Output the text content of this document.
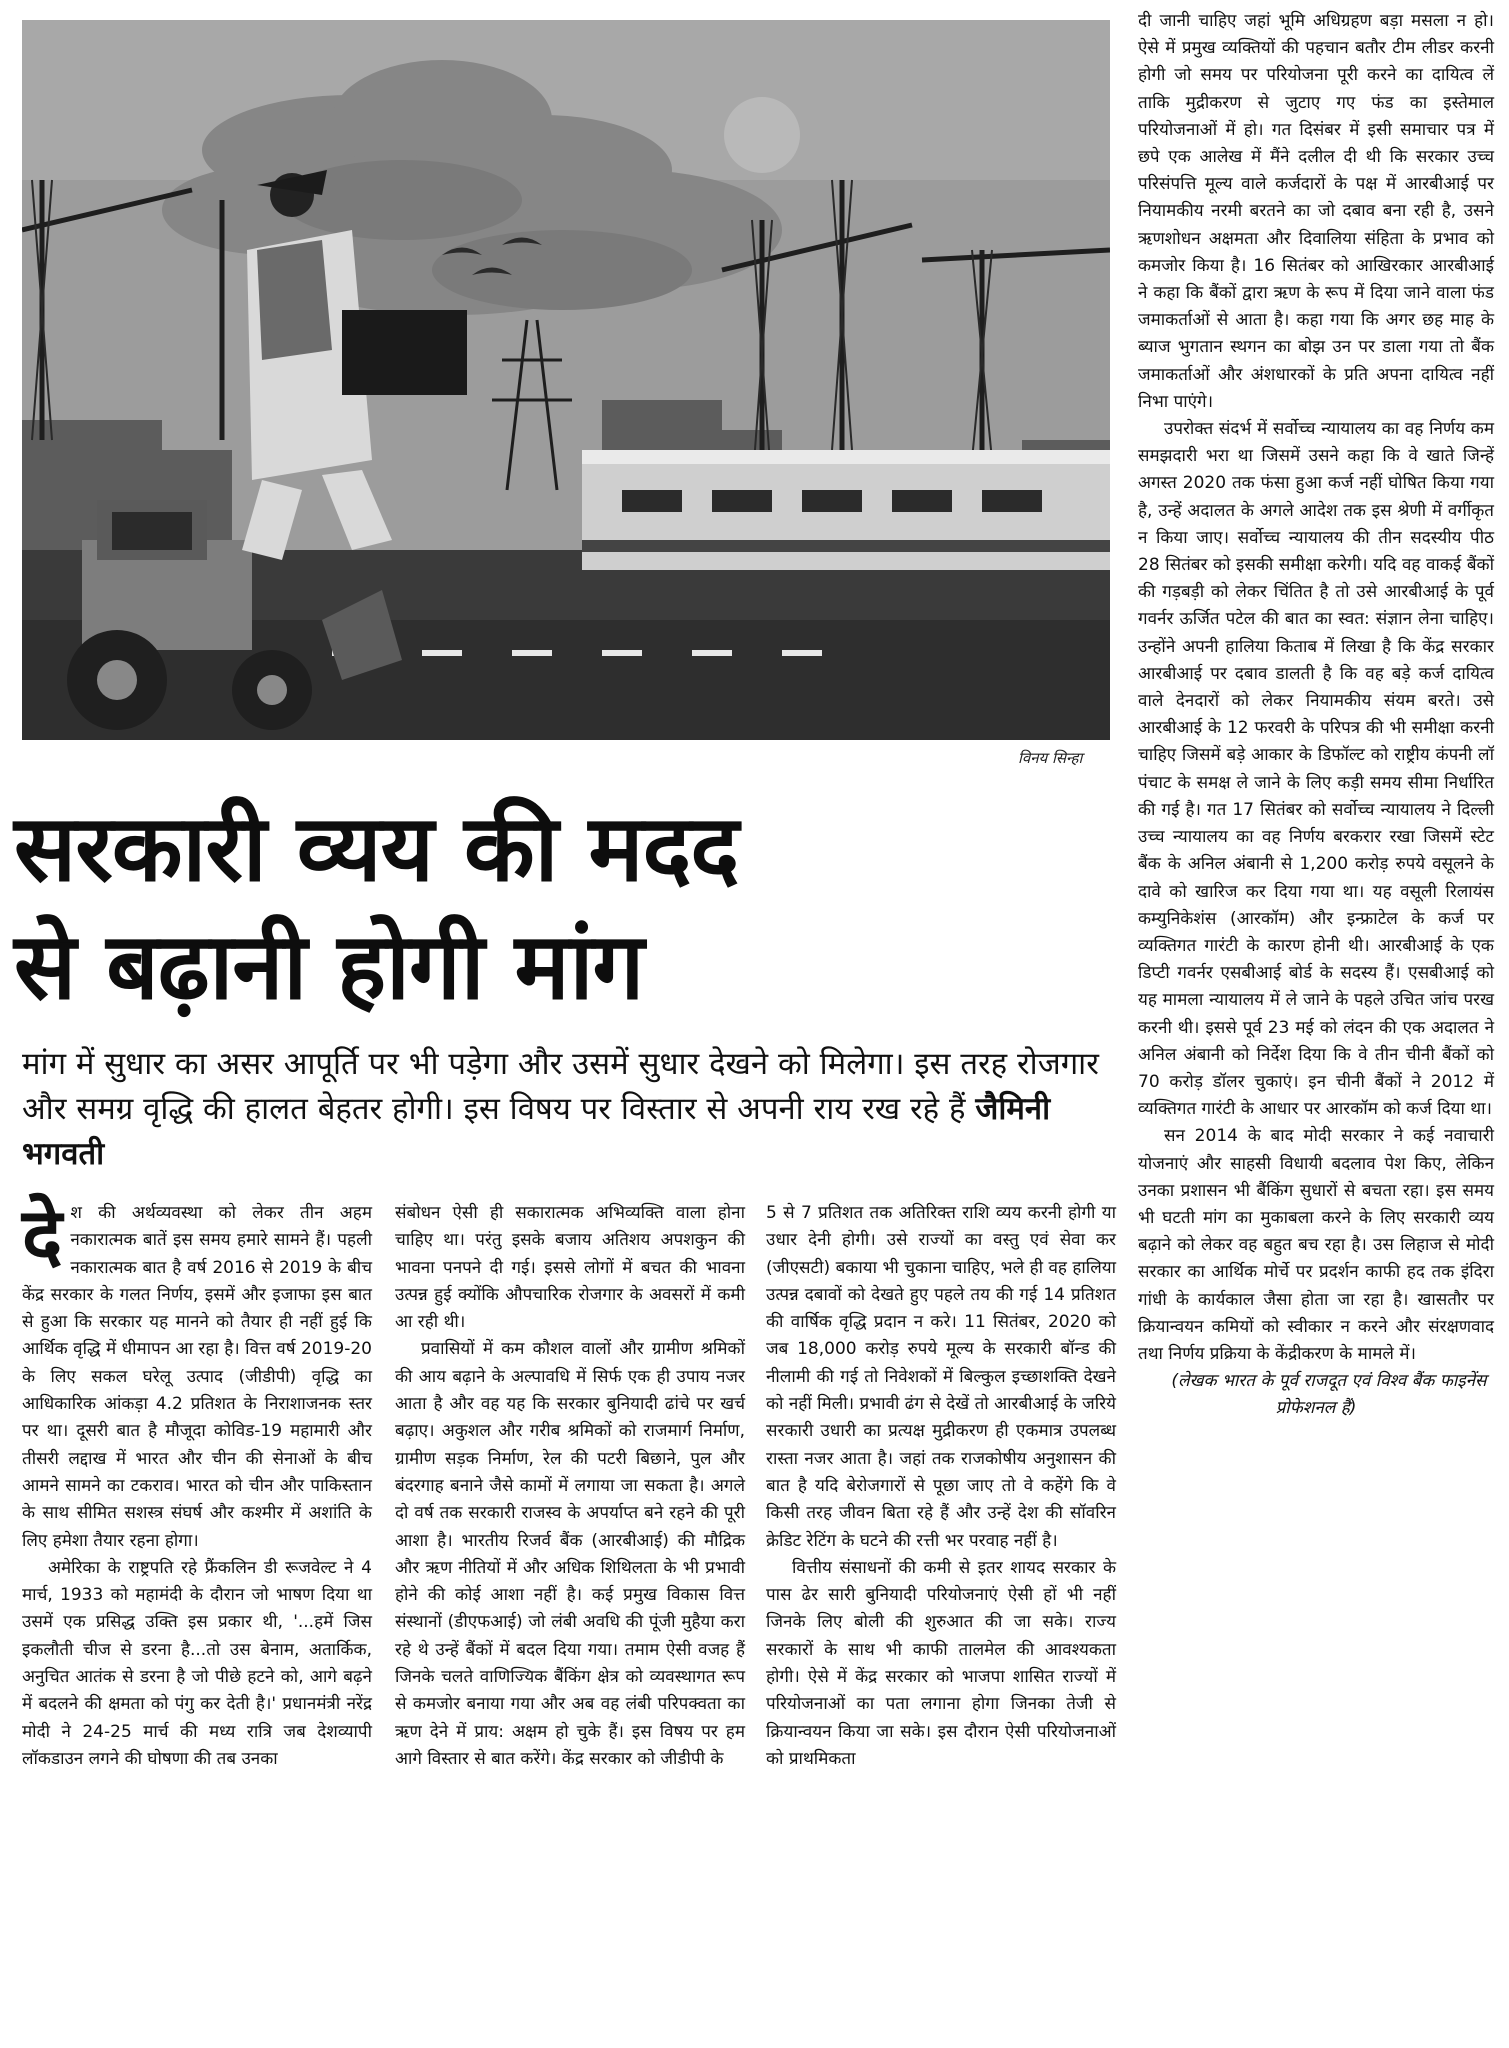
विनय सिन्हा
सरकारी व्यय की मदद
से बढ़ानी होगी मांग
मांग में सुधार का असर आपूर्ति पर भी पड़ेगा और उसमें सुधार देखने को मिलेगा। इस तरह रोजगार और समग्र वृद्धि की हालत बेहतर होगी। इस विषय पर विस्तार से अपनी राय रख रहे हैं जैमिनी भगवती

देश की अर्थव्यवस्था को लेकर तीन अहम नकारात्मक बातें इस समय हमारे सामने हैं। पहली नकारात्मक बात है वर्ष 2016 से 2019 के बीच केंद्र सरकार के गलत निर्णय, इसमें और इजाफा इस बात से हुआ कि सरकार यह मानने को तैयार ही नहीं हुई कि आर्थिक वृद्धि में धीमापन आ रहा है। वित्त वर्ष 2019-20 के लिए सकल घरेलू उत्पाद (जीडीपी) वृद्धि का आधिकारिक आंकड़ा 4.2 प्रतिशत के निराशाजनक स्तर पर था। दूसरी बात है मौजूदा कोविड-19 महामारी और तीसरी लद्दाख में भारत और चीन की सेनाओं के बीच आमने सामने का टकराव। भारत को चीन और पाकिस्तान के साथ सीमित सशस्त्र संघर्ष और कश्मीर में अशांति के लिए हमेशा तैयार रहना होगा।

अमेरिका के राष्ट्रपति रहे फ्रैंकलिन डी रूजवेल्ट ने 4 मार्च, 1933 को महामंदी के दौरान जो भाषण दिया था उसमें एक प्रसिद्ध उक्ति इस प्रकार थी, '...हमें जिस इकलौती चीज से डरना है...तो उस बेनाम, अतार्किक, अनुचित आतंक से डरना है जो पीछे हटने को, आगे बढ़ने में बदलने की क्षमता को पंगु कर देती है।' प्रधानमंत्री नरेंद्र मोदी ने 24-25 मार्च की मध्य रात्रि जब देशव्यापी लॉकडाउन लगने की घोषणा की तब उनका

संबोधन ऐसी ही सकारात्मक अभिव्यक्ति वाला होना चाहिए था। परंतु इसके बजाय अतिशय अपशकुन की भावना पनपने दी गई। इससे लोगों में बचत की भावना उत्पन्न हुई क्योंकि औपचारिक रोजगार के अवसरों में कमी आ रही थी।

प्रवासियों में कम कौशल वालों और ग्रामीण श्रमिकों की आय बढ़ाने के अल्पावधि में सिर्फ एक ही उपाय नजर आता है और वह यह कि सरकार बुनियादी ढांचे पर खर्च बढ़ाए। अकुशल और गरीब श्रमिकों को राजमार्ग निर्माण, ग्रामीण सड़क निर्माण, रेल की पटरी बिछाने, पुल और बंदरगाह बनाने जैसे कामों में लगाया जा सकता है। अगले दो वर्ष तक सरकारी राजस्व के अपर्याप्त बने रहने की पूरी आशा है। भारतीय रिजर्व बैंक (आरबीआई) की मौद्रिक और ऋण नीतियों में और अधिक शिथिलता के भी प्रभावी होने की कोई आशा नहीं है। कई प्रमुख विकास वित्त संस्थानों (डीएफआई) जो लंबी अवधि की पूंजी मुहैया करा रहे थे उन्हें बैंकों में बदल दिया गया। तमाम ऐसी वजह हैं जिनके चलते वाणिज्यिक बैंकिंग क्षेत्र को व्यवस्थागत रूप से कमजोर बनाया गया और अब वह लंबी परिपक्वता का ऋण देने में प्राय: अक्षम हो चुके हैं। इस विषय पर हम आगे विस्तार से बात करेंगे। केंद्र सरकार को जीडीपी के

5 से 7 प्रतिशत तक अतिरिक्त राशि व्यय करनी होगी या उधार देनी होगी। उसे राज्यों का वस्तु एवं सेवा कर (जीएसटी) बकाया भी चुकाना चाहिए, भले ही वह हालिया उत्पन्न दबावों को देखते हुए पहले तय की गई 14 प्रतिशत की वार्षिक वृद्धि प्रदान न करे। 11 सितंबर, 2020 को जब 18,000 करोड़ रुपये मूल्य के सरकारी बॉन्ड की नीलामी की गई तो निवेशकों में बिल्कुल इच्छाशक्ति देखने को नहीं मिली। प्रभावी ढंग से देखें तो आरबीआई के जरिये सरकारी उधारी का प्रत्यक्ष मुद्रीकरण ही एकमात्र उपलब्ध रास्ता नजर आता है। जहां तक राजकोषीय अनुशासन की बात है यदि बेरोजगारों से पूछा जाए तो वे कहेंगे कि वे किसी तरह जीवन बिता रहे हैं और उन्हें देश की सॉवरिन क्रेडिट रेटिंग के घटने की रत्ती भर परवाह नहीं है।

वित्तीय संसाधनों की कमी से इतर शायद सरकार के पास ढेर सारी बुनियादी परियोजनाएं ऐसी हों भी नहीं जिनके लिए बोली की शुरुआत की जा सके। राज्य सरकारों के साथ भी काफी तालमेल की आवश्यकता होगी। ऐसे में केंद्र सरकार को भाजपा शासित राज्यों में परियोजनाओं का पता लगाना होगा जिनका तेजी से क्रियान्वयन किया जा सके। इस दौरान ऐसी परियोजनाओं को प्राथमिकता

दी जानी चाहिए जहां भूमि अधिग्रहण बड़ा मसला न हो। ऐसे में प्रमुख व्यक्तियों की पहचान बतौर टीम लीडर करनी होगी जो समय पर परियोजना पूरी करने का दायित्व लें ताकि मुद्रीकरण से जुटाए गए फंड का इस्तेमाल परियोजनाओं में हो। गत दिसंबर में इसी समाचार पत्र में छपे एक आलेख में मैंने दलील दी थी कि सरकार उच्च परिसंपत्ति मूल्य वाले कर्जदारों के पक्ष में आरबीआई पर नियामकीय नरमी बरतने का जो दबाव बना रही है, उसने ऋणशोधन अक्षमता और दिवालिया संहिता के प्रभाव को कमजोर किया है। 16 सितंबर को आखिरकार आरबीआई ने कहा कि बैंकों द्वारा ऋण के रूप में दिया जाने वाला फंड जमाकर्ताओं से आता है। कहा गया कि अगर छह माह के ब्याज भुगतान स्थगन का बोझ उन पर डाला गया तो बैंक जमाकर्ताओं और अंशधारकों के प्रति अपना दायित्व नहीं निभा पाएंगे।

उपरोक्त संदर्भ में सर्वोच्च न्यायालय का वह निर्णय कम समझदारी भरा था जिसमें उसने कहा कि वे खाते जिन्हें अगस्त 2020 तक फंसा हुआ कर्ज नहीं घोषित किया गया है, उन्हें अदालत के अगले आदेश तक इस श्रेणी में वर्गीकृत न किया जाए। सर्वोच्च न्यायालय की तीन सदस्यीय पीठ 28 सितंबर को इसकी समीक्षा करेगी। यदि वह वाकई बैंकों की गड़बड़ी को लेकर चिंतित है तो उसे आरबीआई के पूर्व गवर्नर ऊर्जित पटेल की बात का स्वत: संज्ञान लेना चाहिए। उन्होंने अपनी हालिया किताब में लिखा है कि केंद्र सरकार आरबीआई पर दबाव डालती है कि वह बड़े कर्ज दायित्व वाले देनदारों को लेकर नियामकीय संयम बरते। उसे आरबीआई के 12 फरवरी के परिपत्र की भी समीक्षा करनी चाहिए जिसमें बड़े आकार के डिफॉल्ट को राष्ट्रीय कंपनी लॉ पंचाट के समक्ष ले जाने के लिए कड़ी समय सीमा निर्धारित की गई है। गत 17 सितंबर को सर्वोच्च न्यायालय ने दिल्ली उच्च न्यायालय का वह निर्णय बरकरार रखा जिसमें स्टेट बैंक के अनिल अंबानी से 1,200 करोड़ रुपये वसूलने के दावे को खारिज कर दिया गया था। यह वसूली रिलायंस कम्युनिकेशंस (आरकॉम) और इन्फ्राटेल के कर्ज पर व्यक्तिगत गारंटी के कारण होनी थी। आरबीआई के एक डिप्टी गवर्नर एसबीआई बोर्ड के सदस्य हैं। एसबीआई को यह मामला न्यायालय में ले जाने के पहले उचित जांच परख करनी थी। इससे पूर्व 23 मई को लंदन की एक अदालत ने अनिल अंबानी को निर्देश दिया कि वे तीन चीनी बैंकों को 70 करोड़ डॉलर चुकाएं। इन चीनी बैंकों ने 2012 में व्यक्तिगत गारंटी के आधार पर आरकॉम को कर्ज दिया था।

सन 2014 के बाद मोदी सरकार ने कई नवाचारी योजनाएं और साहसी विधायी बदलाव पेश किए, लेकिन उनका प्रशासन भी बैंकिंग सुधारों से बचता रहा। इस समय भी घटती मांग का मुकाबला करने के लिए सरकारी व्यय बढ़ाने को लेकर वह बहुत बच रहा है। उस लिहाज से मोदी सरकार का आर्थिक मोर्चे पर प्रदर्शन काफी हद तक इंदिरा गांधी के कार्यकाल जैसा होता जा रहा है। खासतौर पर क्रियान्वयन कमियों को स्वीकार न करने और संरक्षणवाद तथा निर्णय प्रक्रिया के केंद्रीकरण के मामले में।

(लेखक भारत के पूर्व राजदूत एवं विश्व बैंक फाइनेंस प्रोफेशनल हैं)
